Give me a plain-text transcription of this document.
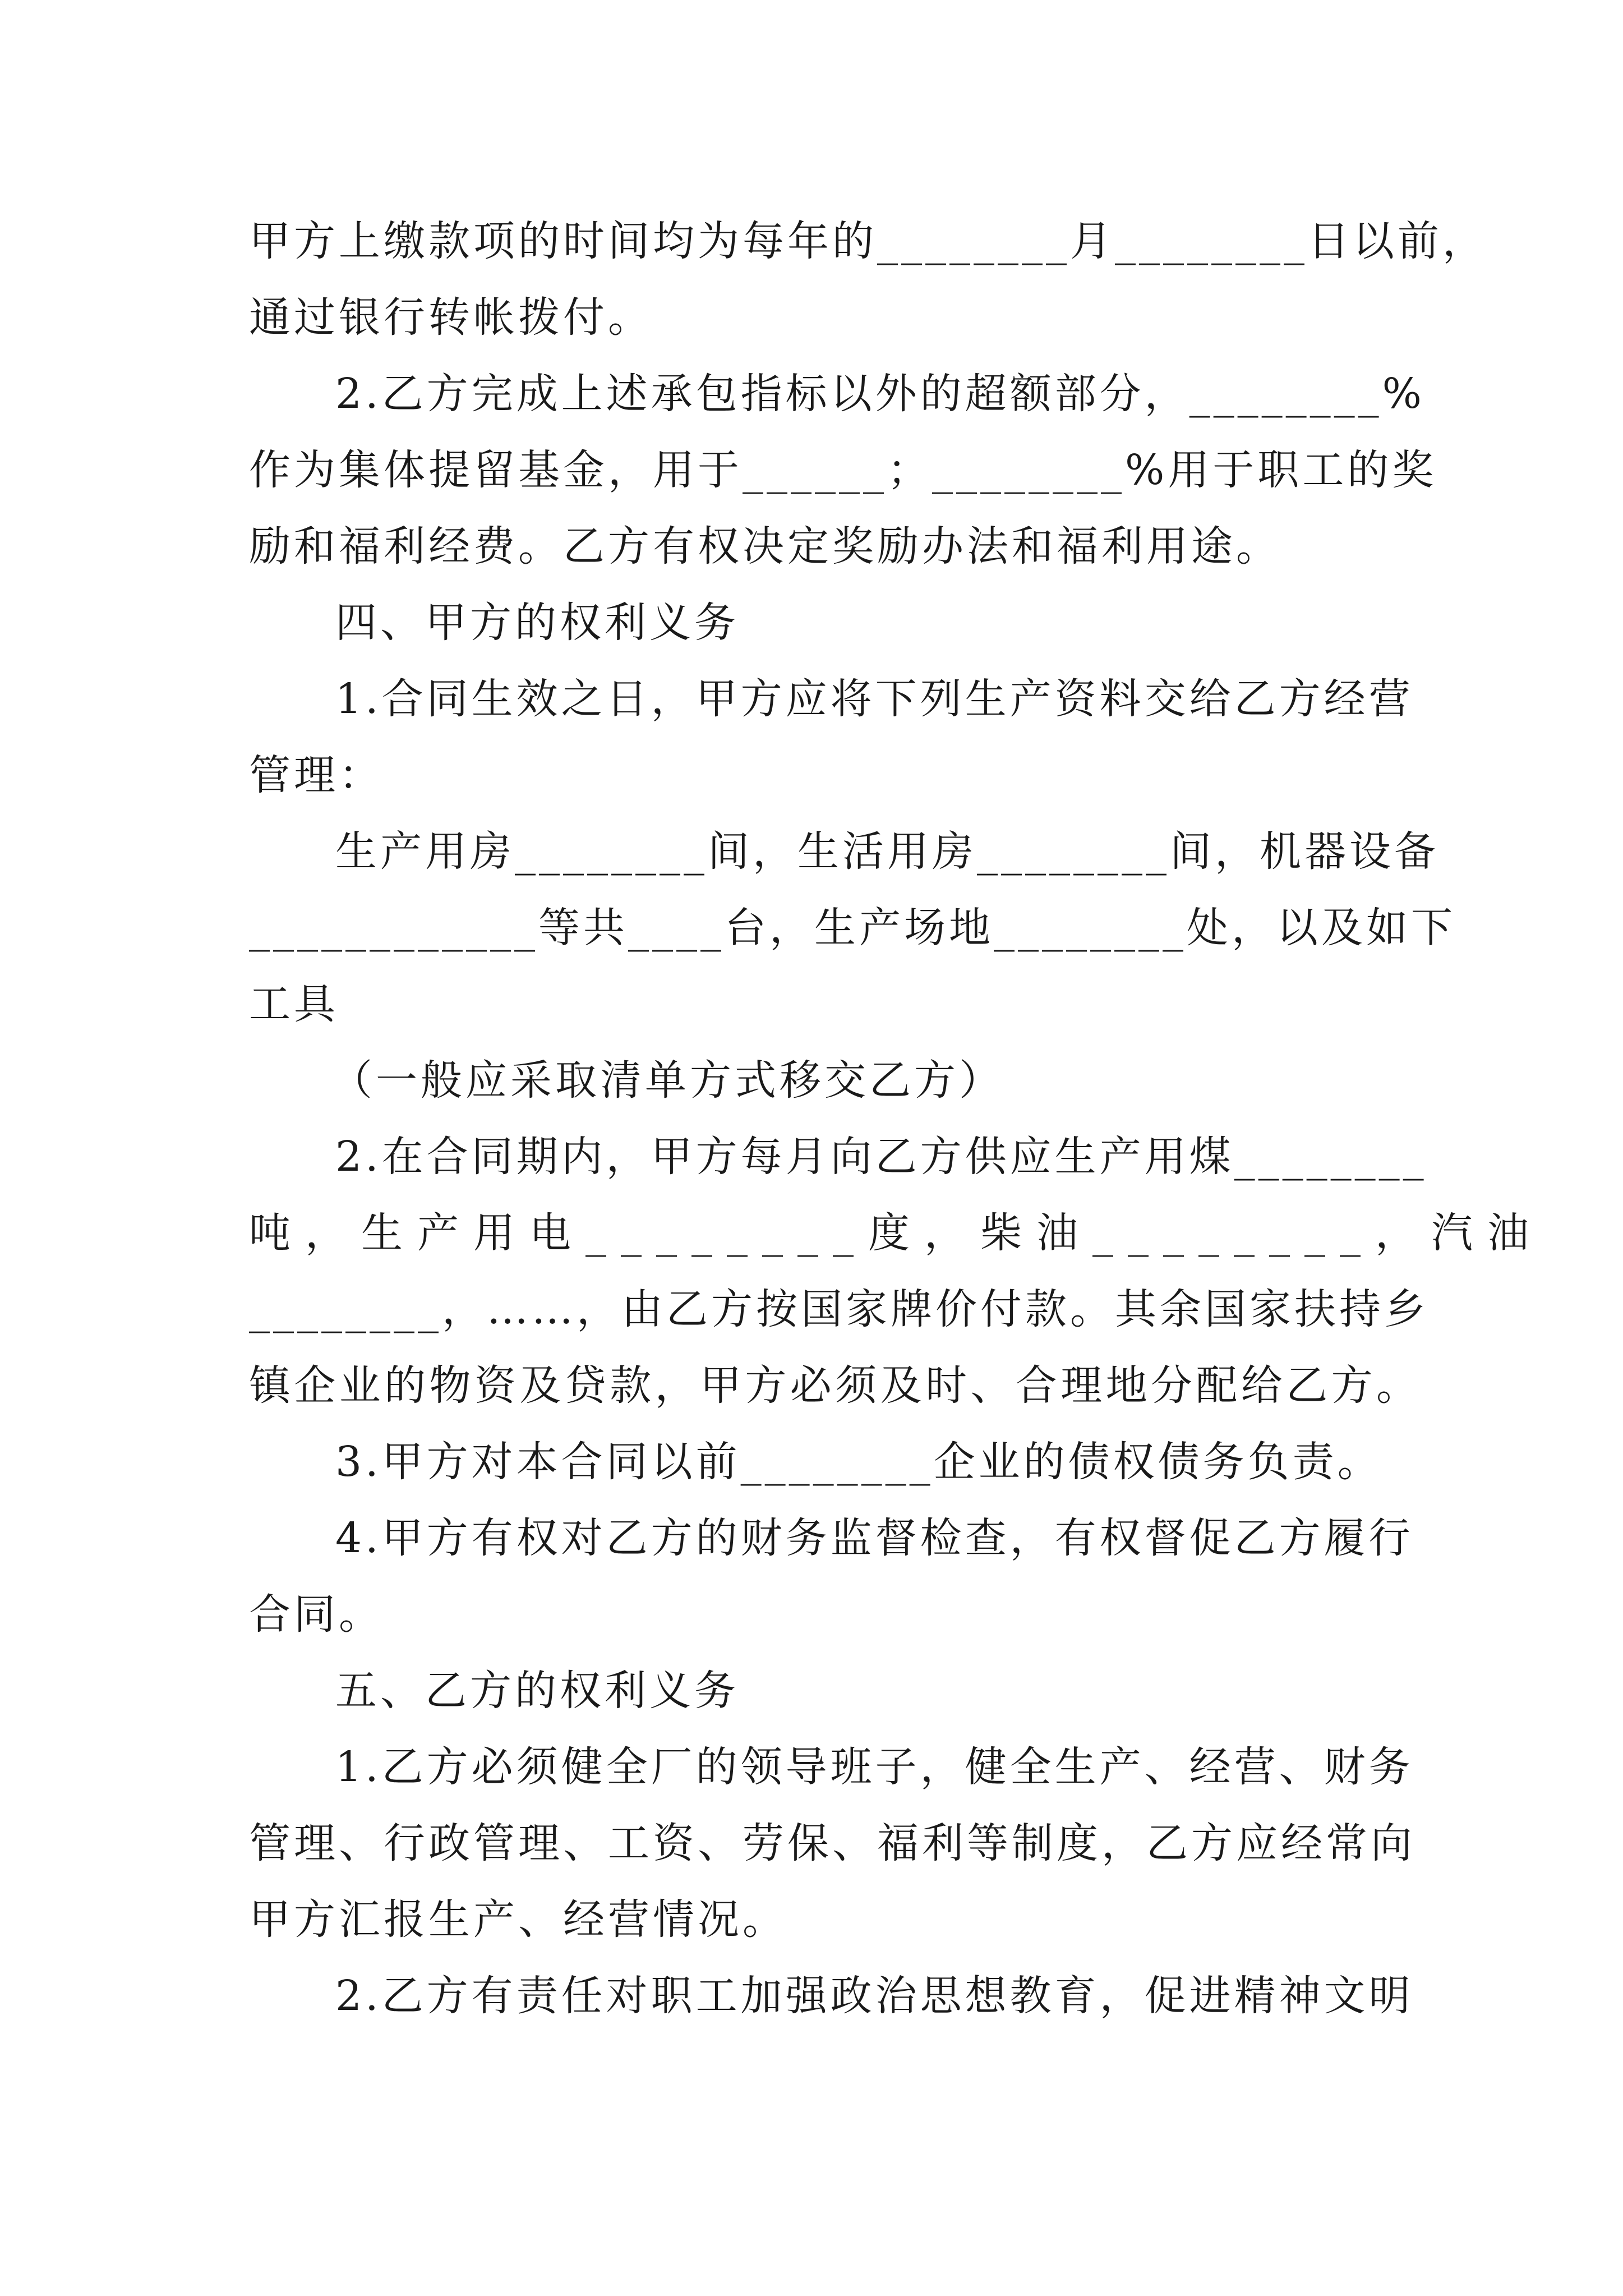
甲方上缴款项的时间均为每年的________月________日以前，
通过银行转帐拨付。
2.乙方完成上述承包指标以外的超额部分，________%
作为集体提留基金，用于______；________%用于职工的奖
励和福利经费。乙方有权决定奖励办法和福利用途。
四、甲方的权利义务
1.合同生效之日，甲方应将下列生产资料交给乙方经营
管理：
生产用房________间，生活用房________间，机器设备
____________等共____台，生产场地________处，以及如下
工具
（一般应采取清单方式移交乙方）
2.在合同期内，甲方每月向乙方供应生产用煤________
吨，生产用电________度，柴油________，汽油
________，……，由乙方按国家牌价付款。其余国家扶持乡
镇企业的物资及贷款，甲方必须及时、合理地分配给乙方。
3.甲方对本合同以前________企业的债权债务负责。
4.甲方有权对乙方的财务监督检查，有权督促乙方履行
合同。
五、乙方的权利义务
1.乙方必须健全厂的领导班子，健全生产、经营、财务
管理、行政管理、工资、劳保、福利等制度，乙方应经常向
甲方汇报生产、经营情况。
2.乙方有责任对职工加强政治思想教育，促进精神文明
